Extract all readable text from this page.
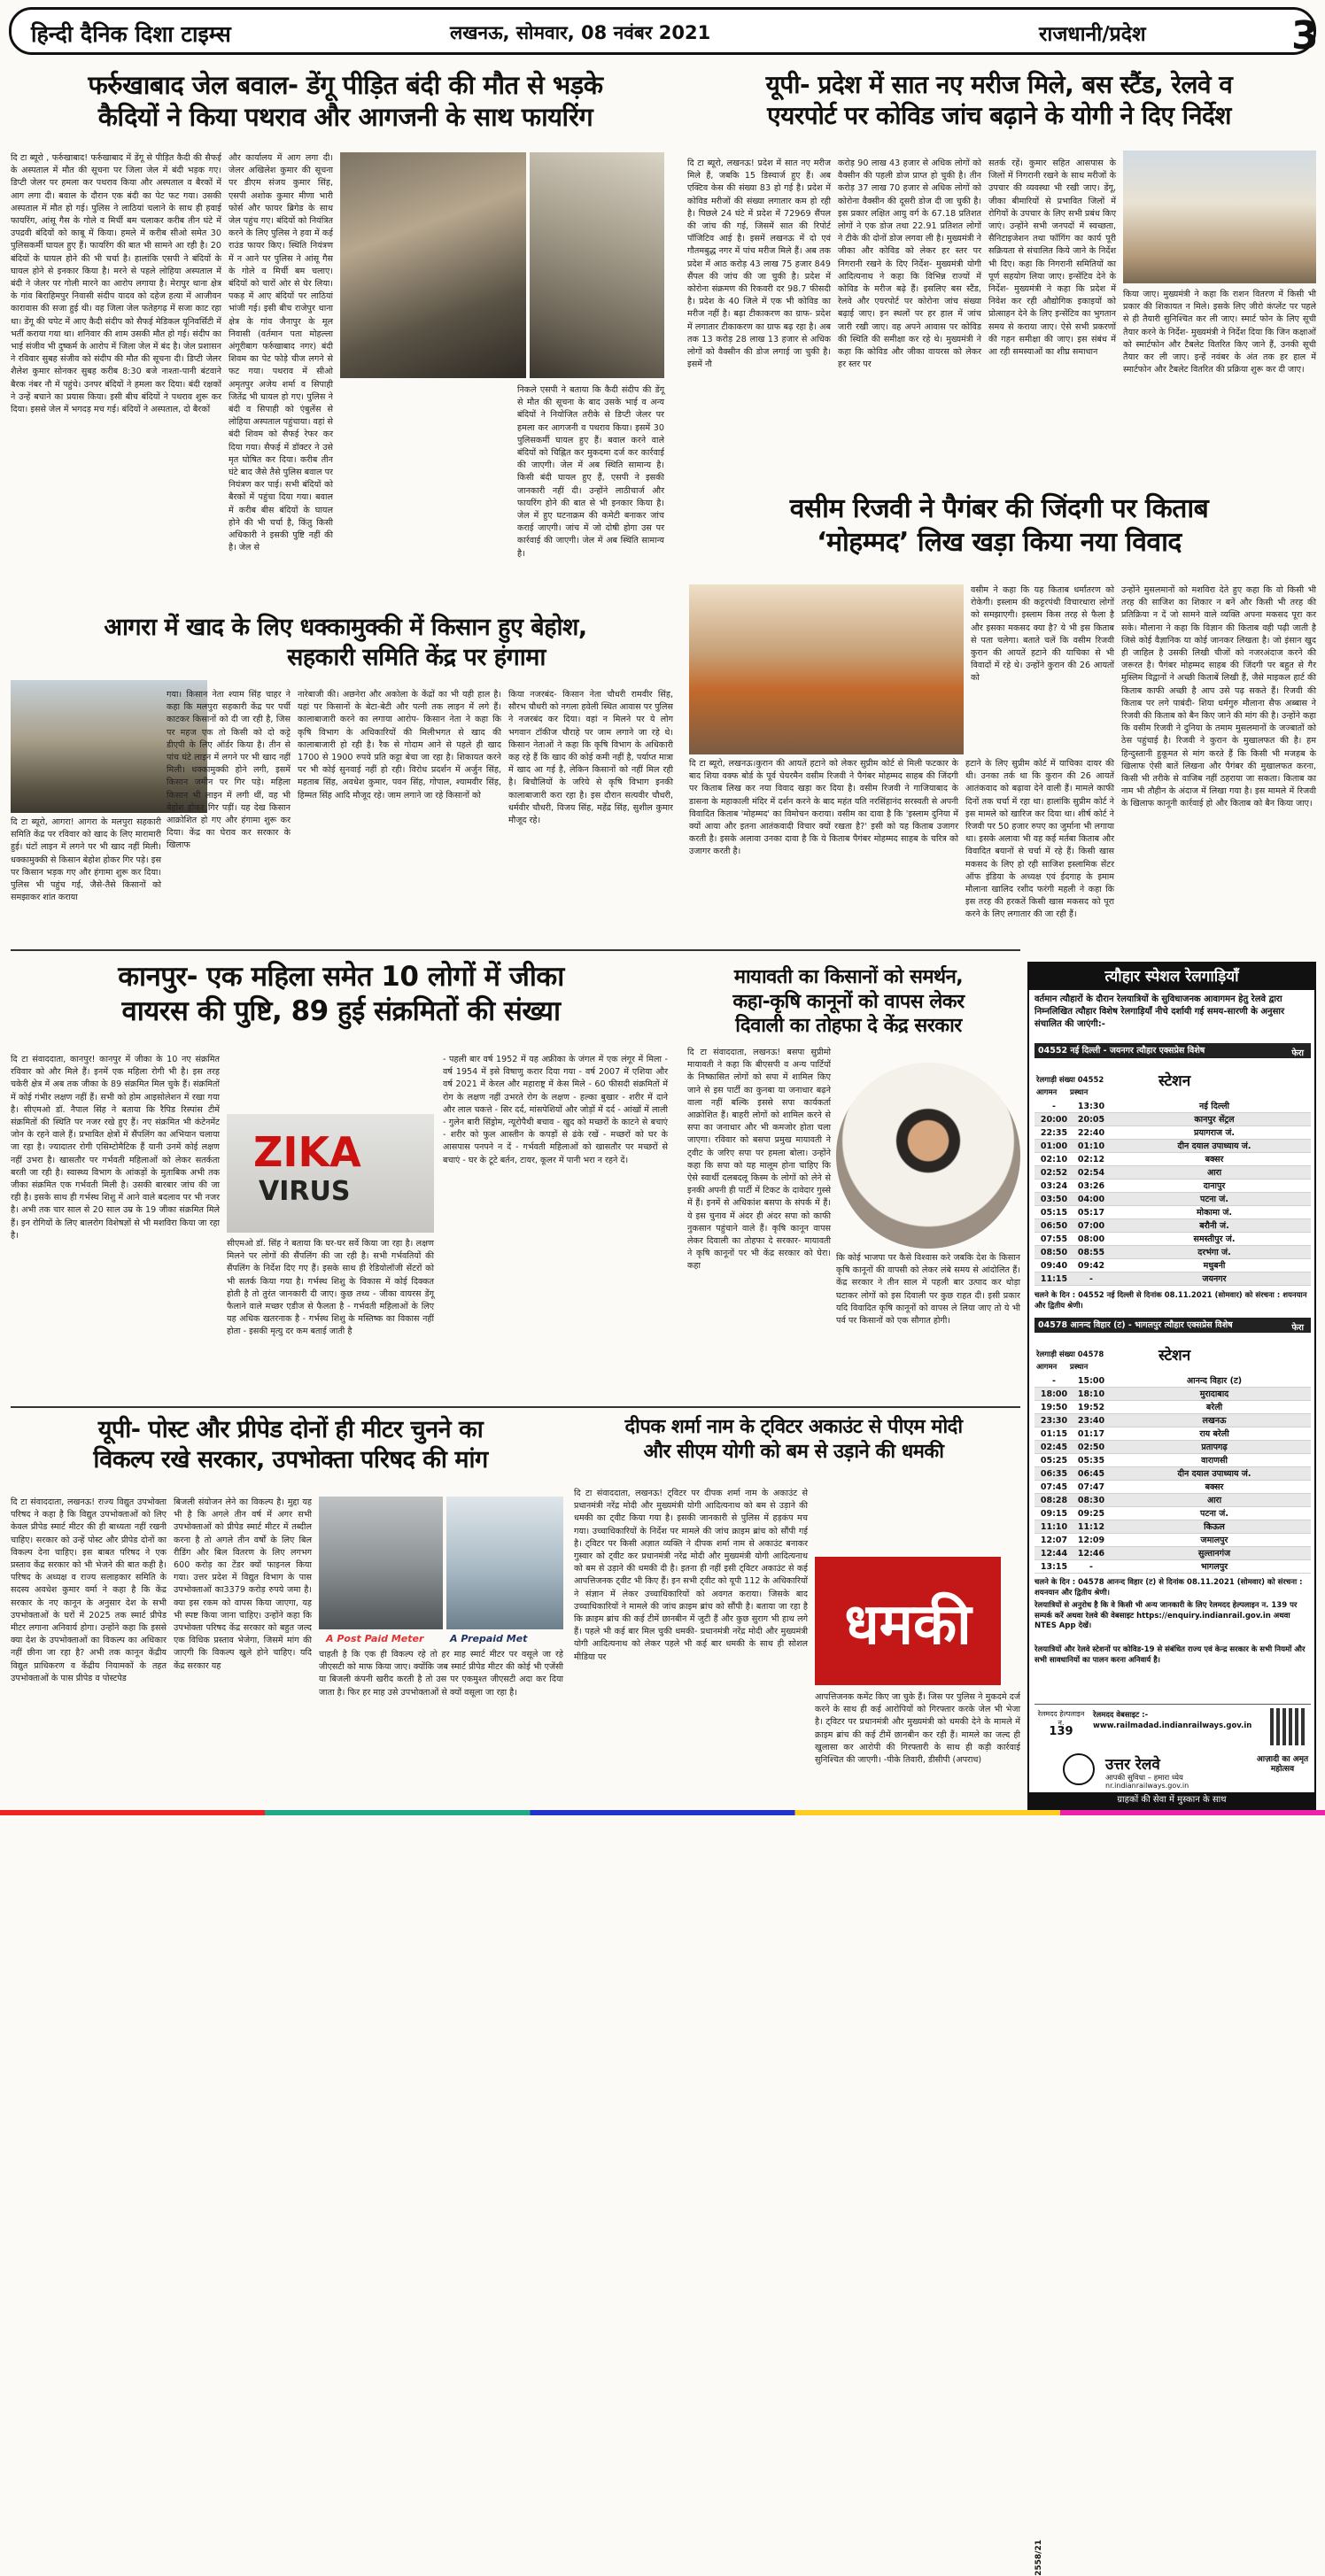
हिन्दी दैनिक दिशा टाइम्स	लखनऊ, सोमवार, 08 नवंबर 2021	राजधानी/प्रदेश	3
फर्रुखाबाद जेल बवाल- डेंगू पीड़ित बंदी की मौत से भड़के
कैदियों ने किया पथराव और आगजनी के साथ फायरिंग
दि टा ब्यूरो , फर्रुखाबाद! फर्रुखाबाद में डेंगू से पीड़ित कैदी की सैफई के अस्पताल में मौत की सूचना पर जिला जेल में बंदी भड़क गए। डिप्टी जेलर पर हमला कर पथराव किया और अस्पताल व बैरकों में आग लगा दी। बवाल के दौरान एक बंदी का पेट फट गया। उसकी अस्पताल में मौत हो गई। पुलिस ने लाठियां चलाने के साथ ही हवाई फायरिंग, आंसू गैस के गोले व मिर्ची बम चलाकर करीब तीन घंटे में उपद्रवी बंदियों को काबू में किया। हमले में करीब सीओ समेत 30 पुलिसकर्मी घायल हुए हैं। फायरिंग की बात भी सामने आ रही है। 20 बंदियों के घायल होने की भी चर्चा है। हालांकि एसपी ने बंदियों के घायल होने से इनकार किया है। मरने से पहले लोहिया अस्पताल में बंदी ने जेलर पर गोली मारने का आरोप लगाया है। मेरापुर थाना क्षेत्र के गांव बिराहिमपुर निवासी संदीप यादव को दहेज हत्या में आजीवन कारावास की सजा हुई थी। वह जिला जेल फतेहगढ़ में सजा काट रहा था। डेंगू की चपेट में आए कैदी संदीप को सैफई मेडिकल यूनिवर्सिटी में भर्ती कराया गया था। शनिवार की शाम उसकी मौत हो गई। संदीप का भाई संजीव भी दुष्कर्म के आरोप में जिला जेल में बंद है। जेल प्रशासन ने रविवार सुबह संजीव को संदीप की मौत की सूचना दी। डिप्टी जेलर शैलेश कुमार सोनकर सुबह करीब 8:30 बजे नाश्ता-पानी बंटवाने बैरक नंबर नौ में पहुंचे। उनपर बंदियों ने हमला कर दिया। बंदी रक्षकों ने उन्हें बचाने का प्रयास किया। इसी बीच बंदियों ने पथराव शुरू कर दिया। इससे जेल में भगदड़ मच गई। बंदियों ने अस्पताल, दो बैरकों
और कार्यालय में आग लगा दी। जेलर अखिलेश कुमार की सूचना पर डीएम संजय कुमार सिंह, एसपी अशोक कुमार मीणा भारी फोर्स और फायर ब्रिगेड के साथ जेल पहुंच गए। बंदियों को नियंत्रित करने के लिए पुलिस ने हवा में कई राउंड फायर किए। स्थिति नियंत्रण में न आने पर पुलिस ने आंसू गैस के गोले व मिर्ची बम चलाए। बंदियों को चारों ओर से घेर लिया। पकड़ में आए बंदियों पर लाठियां भांजी गई। इसी बीच राजेपुर थाना क्षेत्र के गांव जैनापुर के मूल निवासी (वर्तमान पता मोहल्ला अंगूरीबाग फर्रुखाबाद नगर) बंदी शिवम का पेट फोड़े चीज लगने से फट गया। पथराव में सीओ अमृतपुर अजेय शर्मा व सिपाही जितेंद्र भी घायल हो गए। पुलिस ने बंदी व सिपाही को एंबुलेंस से लोहिया अस्पताल पहुंचाया। वहां से बंदी शिवम को सैफई रेफर कर दिया गया। सैफई में डॉक्टर ने उसे मृत घोषित कर दिया। करीब तीन घंटे बाद जैसे तैसे पुलिस बवाल पर नियंत्रण कर पाई। सभी बंदियों को बैरकों में पहुंचा दिया गया। बवाल में करीब बीस बंदियों के घायल होने की भी चर्चा है, किंतु किसी अधिकारी ने इसकी पुष्टि नहीं की है। जेल से
निकले एसपी ने बताया कि कैदी संदीप की डेंगू से मौत की सूचना के बाद उसके भाई व अन्य बंदियों ने नियोजित तरीके से डिप्टी जेलर पर हमला कर आगजनी व पथराव किया। इसमें 30 पुलिसकर्मी घायल हुए हैं। बवाल करने वाले बंदियों को चिह्नित कर मुकदमा दर्ज कर कार्रवाई की जाएगी। जेल में अब स्थिति सामान्य है। किसी बंदी घायल हुए हैं, एसपी ने इसकी जानकारी नहीं दी। उन्होंने लाठीचार्ज और फायरिंग होने की बात से भी इनकार किया है। जेल में हुए घटनाक्रम की कमेटी बनाकर जांच कराई जाएगी। जांच में जो दोषी होगा उस पर कार्रवाई की जाएगी। जेल में अब स्थिति सामान्य है।
यूपी- प्रदेश में सात नए मरीज मिले, बस स्टैंड, रेलवे व
एयरपोर्ट पर कोविड जांच बढ़ाने के योगी ने दिए निर्देश
दि टा ब्यूरो, लखनऊ! प्रदेश में सात नए मरीज मिले हैं, जबकि 15 डिस्चार्ज हुए हैं। अब एक्टिव केस की संख्या 83 हो गई है। प्रदेश में कोविड मरीजों की संख्या लगातार कम हो रही है। पिछले 24 घंटे में प्रदेश में 72969 सैंपल की जांच की गई, जिसमें सात की रिपोर्ट पॉजिटिव आई है। इसमें लखनऊ में दो एवं गौतमबुद्ध नगर में पांच मरीज मिले हैं। अब तक प्रदेश में आठ करोड़ 43 लाख 75 हजार 849 सैंपल की जांच की जा चुकी है। प्रदेश में कोरोना संक्रमण की रिकवरी दर 98.7 फीसदी है। प्रदेश के 40 जिले में एक भी कोविड का मरीज नहीं है। बढ़ा टीकाकरण का ग्राफ- प्रदेश में लगातार टीकाकरण का ग्राफ बढ़ रहा है। अब तक 13 करोड़ 28 लाख 13 हजार से अधिक लोगों को वैक्सीन की डोज लगाई जा चुकी है। इसमें नौ
करोड़ 90 लाख 43 हजार से अधिक लोगों को वैक्सीन की पहली डोज प्राप्त हो चुकी है। तीन करोड़ 37 लाख 70 हजार से अधिक लोगों को कोरोना वैक्सीन की दूसरी डोज दी जा चुकी है। इस प्रकार लक्षित आयु वर्ग के 67.18 प्रतिशत लोगों ने एक डोज तथा 22.91 प्रतिशत लोगों ने टीके की दोनों डोज लगवा ली है। मुख्यमंत्री ने जीका और कोविड को लेकर हर स्तर पर निगरानी रखने के दिए निर्देश- मुख्यमंत्री योगी आदित्यनाथ ने कहा कि विभिन्न राज्यों में कोविड के मरीज बढ़े हैं। इसलिए बस स्टैंड, रेलवे और एयरपोर्ट पर कोरोना जांच संख्या बढ़ाई जाए। इन स्थलों पर हर हाल में जांच जारी रखी जाए। वह अपने आवास पर कोविड की स्थिति की समीक्षा कर रहे थे। मुख्यमंत्री ने कहा कि कोविड और जीका वायरस को लेकर हर स्तर पर
सतर्क रहें। कुमार सहित आसपास के जिलों में निगरानी रखने के साथ मरीजों के उपचार की व्यवस्था भी रखी जाए। डेंगू, जीका बीमारियों से प्रभावित जिलों में रोगियों के उपचार के लिए सभी प्रबंध किए जाएं। उन्होंने सभी जनपदों में स्वच्छता, सैनिटाइजेशन तथा फॉगिंग का कार्य पूरी सक्रियता से संचालित किये जाने के निर्देश भी दिए। कहा कि निगरानी समितियों का पूर्ण सहयोग लिया जाए। इन्सेंटिव देने के निर्देश- मुख्यमंत्री ने कहा कि प्रदेश में निवेश कर रही औद्योगिक इकाइयों को प्रोत्साहन देने के लिए इन्सेंटिव का भुगतान समय से कराया जाए। ऐसे सभी प्रकरणों की गहन समीक्षा की जाए। इस संबंध में आ रही समस्याओं का शीघ्र समाधान
किया जाए। मुख्यमंत्री ने कहा कि राशन वितरण में किसी भी प्रकार की शिकायत न मिले। इसके लिए जीरो कंप्लेंट पर पहले से ही तैयारी सुनिश्चित कर ली जाए। स्मार्ट फोन के लिए सूची तैयार करने के निर्देश- मुख्यमंत्री ने निर्देश दिया कि जिन कक्षाओं को स्मार्टफोन और टैबलेट वितरित किए जाने हैं, उनकी सूची तैयार कर ली जाए। इन्हें नवंबर के अंत तक हर हाल में स्मार्टफोन और टैबलेट वितरित की प्रक्रिया शुरू कर दी जाए।
वसीम रिजवी ने पैगंबर की जिंदगी पर किताब
‘मोहम्मद’ लिख खड़ा किया नया विवाद
वसीम ने कहा कि यह किताब धर्मांतरण को रोकेगी। इस्लाम की कट्टरपंथी विचारधारा लोगों को समझाएगी। इस्लाम किस तरह से फैला है और इसका मकसद क्या है? ये भी इस किताब से पता चलेगा। बताते चलें कि वसीम रिजवी कुरान की आयतें हटाने की याचिका से भी विवादों में रहे थे। उन्होंने कुरान की 26 आयतों को
दि टा ब्यूरो, लखनऊ।कुरान की आयतें हटाने को लेकर सुप्रीम कोर्ट से मिली फटकार के बाद शिया वक्फ बोर्ड के पूर्व चेयरमैन वसीम रिजवी ने पैगंबर मोहम्मद साहब की जिंदगी पर किताब लिख कर नया विवाद खड़ा कर दिया है। वसीम रिजवी ने गाजियाबाद के डासना के महाकाली मंदिर में दर्शन करने के बाद महंत यति नरसिंहानंद सरस्वती से अपनी विवादित किताब 'मोहम्मद' का विमोचन कराया। वसीम का दावा है कि 'इस्लाम दुनिया में क्यों आया और इतना आतंकवादी विचार क्यों रखता है?' इसी को यह किताब उजागर करती है। इसके अलावा उनका दावा है कि ये किताब पैगंबर मोहम्मद साहब के चरित्र को उजागर करती है।
हटाने के लिए सुप्रीम कोर्ट में याचिका दायर की थी। उनका तर्क था कि कुरान की 26 आयतें आतंकवाद को बढ़ावा देने वाली हैं। मामले काफी दिनों तक चर्चा में रहा था। हालांकि सुप्रीम कोर्ट ने इस मामले को खारिज कर दिया था। शीर्ष कोर्ट ने रिजवी पर 50 हजार रुपए का जुर्माना भी लगाया था। इसके अलावा भी वह कई मर्तबा किताब और विवादित बयानों से चर्चा में रहे हैं। किसी खास मकसद के लिए हो रही साजिश इस्लामिक सेंटर ऑफ इंडिया के अध्यक्ष एवं ईदगाह के इमाम मौलाना खालिद रशीद फरंगी महली ने कहा कि इस तरह की हरकतें किसी खास मकसद को पूरा करने के लिए लगातार की जा रही हैं।
उन्होंने मुसलमानों को मशविरा देते हुए कहा कि वो किसी भी तरह की साजिश का शिकार न बनें और किसी भी तरह की प्रतिक्रिया न दें जो सामने वाले व्यक्ति अपना मकसद पूरा कर सके। मौलाना ने कहा कि विज्ञान की किताब वही पढ़ी जाती है जिसे कोई वैज्ञानिक या कोई जानकर लिखता है। जो इंसान खुद ही जाहिल है उसकी लिखी चीजों को नजरअंदाज करने की जरूरत है। पैगंबर मोहम्मद साहब की जिंदगी पर बहुत से गैर मुस्लिम विद्वानों ने अच्छी किताबें लिखी हैं, जैसे माइकल हार्ट की किताब काफी अच्छी है आप उसे पढ़ सकते हैं। रिजवी की किताब पर लगे पाबंदी- शिया धर्मगुरु मौलाना सैफ अब्बास ने रिजवी की किताब को बैन किए जाने की मांग की है। उन्होंने कहा कि वसीम रिजवी ने दुनिया के तमाम मुसलमानों के जज्बातों को ठेस पहुंचाई है। रिजवी ने कुरान के मुखालफत की है। हम हिन्दुस्तानी हुकूमत से मांग करते हैं कि किसी भी मजहब के खिलाफ ऐसी बातें लिखना और पैगंबर की मुखालफत करना, किसी भी तरीके से वाजिब नहीं ठहराया जा सकता। किताब का नाम भी तौहीन के अंदाज में लिखा गया है। इस मामले में रिजवी के खिलाफ कानूनी कार्रवाई हो और किताब को बैन किया जाए।
आगरा में खाद के लिए धक्कामुक्की में किसान हुए बेहोश,
सहकारी समिति केंद्र पर हंगामा
दि टा ब्यूरो, आगरा! आगरा के मलपुरा सहकारी समिति केंद्र पर रविवार को खाद के लिए मारामारी हुई। घंटों लाइन में लगने पर भी खाद नहीं मिली। धक्कामुक्की से किसान बेहोश होकर गिर पड़े। इस पर किसान भड़क गए और हंगामा शुरू कर दिया। पुलिस भी पहुंच गई, जैसे-तैसे किसानों को समझाकर शांत कराया
गया। किसान नेता श्याम सिंह चाहर ने कहा कि मलपुरा सहकारी केंद्र पर पर्ची काटकर किसानों को दी जा रही है, जिस पर महज एक तो किसी को दो कट्टे डीएपी के लिए ऑर्डर किया है। तीन से पांच घंटे लाइन में लगने पर भी खाद नहीं मिली। धक्कामुक्की होने लगी, इसमें किसान जमीन पर गिर पड़े। महिला किसान भी लाइन में लगी थीं, वह भी बेहोश होकर गिर पड़ीं। यह देख किसान आक्रोशित हो गए और हंगामा शुरू कर दिया। केंद्र का घेराव कर सरकार के खिलाफ
नारेबाजी की। अछनेरा और अकोला के केंद्रों का भी यही हाल है। यहां पर किसानों के बेटा-बेटी और पत्नी तक लाइन में लगे हैं। कालाबाजारी करने का लगाया आरोप- किसान नेता ने कहा कि कृषि विभाग के अधिकारियों की मिलीभगत से खाद की कालाबाजारी हो रही है। रैक से गोदाम आने से पहले ही खाद 1700 से 1900 रुपये प्रति कट्टा बेचा जा रहा है। शिकायत करने पर भी कोई सुनवाई नहीं हो रही। विरोध प्रदर्शन में अर्जुन सिंह, महताब सिंह, अवधेश कुमार, पवन सिंह, गोपाल, श्यामवीर सिंह, हिम्मत सिंह आदि मौजूद रहे। जाम लगाने जा रहे किसानों को
किया नजरबंद- किसान नेता चौधरी रामवीर सिंह, सौरभ चौधरी को नगला हवेली स्थित आवास पर पुलिस ने नजरबंद कर दिया। वहां न मिलने पर ये लोग भगवान टॉकीज चौराहे पर जाम लगाने जा रहे थे। किसान नेताओं ने कहा कि कृषि विभाग के अधिकारी कह रहे हैं कि खाद की कोई कमी नहीं है, पर्याप्त मात्रा में खाद आ गई है, लेकिन किसानों को नहीं मिल रही है। बिचौलियों के जरिये से कृषि विभाग इनकी कालाबाजारी करा रहा है। इस दौरान सत्यवीर चौधरी, धर्मवीर चौधरी, विजय सिंह, महेंद्र सिंह, सुशील कुमार मौजूद रहे।
कानपुर- एक महिला समेत 10 लोगों में जीका
वायरस की पुष्टि, 89 हुई संक्रमितों की संख्या
दि टा संवाददाता, कानपुर! कानपुर में जीका के 10 नए संक्रमित रविवार को और मिले हैं। इनमें एक महिला रोगी भी है। इस तरह चकेरी क्षेत्र में अब तक जीका के 89 संक्रमित मिल चुके हैं। संक्रमितों में कोई गंभीर लक्षण नहीं हैं। सभी को होम आइसोलेशन में रखा गया है। सीएमओ डॉ. नैपाल सिंह ने बताया कि रैपिड रिस्पांस टीमें संक्रमितों की स्थिति पर नजर रखे हुए हैं। नए संक्रमित भी कंटेनमेंट जोन के रहने वाले हैं। प्रभावित क्षेत्रों में सैंपलिंग का अभियान चलाया जा रहा है। ज्यादातर रोगी एसिम्टोमैटिक हैं यानी उनमें कोई लक्षण नहीं उभरा है। खासतौर पर गर्भवती महिलाओं को लेकर सतर्कता बरती जा रही है। स्वास्थ्य विभाग के आंकड़ों के मुताबिक अभी तक जीका संक्रमित एक गर्भवती मिली है। उसकी बारबार जांच की जा रही है। इसके साथ ही गर्भस्थ शिशु में आने वाले बदलाव पर भी नजर है। अभी तक चार साल से 20 साल उम्र के 19 जीका संक्रमित मिले हैं। इन रोगियों के लिए बालरोग विशेषज्ञों से भी मशविरा किया जा रहा है।
ZIKA
VIRUS
सीएमओ डॉ. सिंह ने बताया कि घर-घर सर्वे किया जा रहा है। लक्षण मिलने पर लोगों की सैंपलिंग की जा रही है। सभी गर्भवतियों की सैंपलिंग के निर्देश दिए गए हैं। इसके साथ ही रेडियोलॉजी सेंटरों को भी सतर्क किया गया है। गर्भस्थ शिशु के विकास में कोई दिक्कत होती है तो तुरंत जानकारी दी जाए। कुछ तथ्य - जीका वायरस डेंगू फैलाने वाले मच्छर एडीज से फैलता है - गर्भवती महिलाओं के लिए यह अधिक खतरनाक है - गर्भस्थ शिशु के मस्तिष्क का विकास नहीं होता - इसकी मृत्यु दर कम बताई जाती है
- पहली बार वर्ष 1952 में यह अफ्रीका के जंगल में एक लंगूर में मिला - वर्ष 1954 में इसे विषाणु करार दिया गया - वर्ष 2007 में एशिया और वर्ष 2021 में केरल और महाराष्ट्र में केस मिले - 60 फीसदी संक्रमितों में रोग के लक्षण नहीं उभरते रोग के लक्षण - हल्का बुखार - शरीर में दाने और लाल चकत्ते - सिर दर्द, मांसपेशियों और जोड़ों में दर्द - आंखों में लाली - गुलेन बारी सिंड्रोम, न्यूरोपैथी बचाव - खुद को मच्छरों के काटने से बचाएं - शरीर को फुल आस्तीन के कपड़ों से ढंके रखें - मच्छरों को घर के आसपास पनपने न दें - गर्भवती महिलाओं को खासतौर पर मच्छरों से बचाएं - घर के टूटे बर्तन, टायर, कूलर में पानी भरा न रहने दें।
मायावती का किसानों को समर्थन,
कहा-कृषि कानूनों को वापस लेकर
दिवाली का तोहफा दे केंद्र सरकार
दि टा संवाददाता, लखनऊ! बसपा सुप्रीमो मायावती ने कहा कि बीएसपी व अन्य पार्टियों के निष्कासित लोगों को सपा में शामिल किए जाने से इस पार्टी का कुनबा या जनाधार बढ़ने वाला नहीं बल्कि इससे सपा कार्यकर्ता आक्रोशित हैं। बाहरी लोगों को शामिल करने से सपा का जनाधार और भी कमजोर होता चला जाएगा। रविवार को बसपा प्रमुख मायावती ने ट्वीट के जरिए सपा पर हमला बोला। उन्होंने कहा कि सपा को यह मालूम होना चाहिए कि ऐसे स्वार्थी दलबदलू किस्म के लोगों को लेने से इनकी अपनी ही पार्टी में टिकट के दावेदार गुस्से में हैं। इनमें से अधिकांश बसपा के संपर्क में हैं। ये इस चुनाव में अंदर ही अंदर सपा को काफी नुकसान पहुंचाने वाले हैं। कृषि कानून वापस लेकर दिवाली का तोहफा दे सरकार- मायावती ने कृषि कानूनों पर भी केंद्र सरकार को घेरा। कहा
कि कोई भाजपा पर कैसे विश्वास करे जबकि देश के किसान कृषि कानूनों की वापसी को लेकर लंबे समय से आंदोलित हैं। केंद्र सरकार ने तीन साल में पहली बार उत्पाद कर थोड़ा घटाकर लोगों को इस दिवाली पर कुछ राहत दी। इसी प्रकार यदि विवादित कृषि कानूनों को वापस ले लिया जाए तो ये भी पर्व पर किसानों को एक सौगात होगी।
यूपी- पोस्ट और प्रीपेड दोनों ही मीटर चुनने का
विकल्प रखे सरकार, उपभोक्ता परिषद की मांग
दि टा संवाददाता, लखनऊ! राज्य विद्युत उपभोक्ता परिषद ने कहा है कि विद्युत उपभोक्ताओं को लिए केवल प्रीपेड स्मार्ट मीटर की ही बाध्यता नहीं रखनी चाहिए। सरकार को उन्हें पोस्ट और प्रीपेड दोनों का विकल्प देना चाहिए। इस बाबत परिषद ने एक प्रस्ताव केंद्र सरकार को भी भेजने की बात कही है। परिषद के अध्यक्ष व राज्य सलाहकार समिति के सदस्य अवधेश कुमार वर्मा ने कहा है कि केंद्र सरकार के नए कानून के अनुसार देश के सभी उपभोक्ताओं के घरों में 2025 तक स्मार्ट प्रीपेड मीटर लगाना अनिवार्य होगा। उन्होंने कहा कि इससे क्या देश के उपभोक्ताओं का विकल्प का अधिकार नहीं छीना जा रहा है? अभी तक कानून केंद्रीय विद्युत प्राधिकरण व केंद्रीय नियामकों के तहत उपभोक्ताओं के पास प्रीपेड व पोस्टपेड
बिजली संयोजन लेने का विकल्प है। मुद्दा यह भी है कि अगले तीन वर्ष में अगर सभी उपभोक्ताओं को प्रीपेड स्मार्ट मीटर में तब्दील करना है तो अगले तीन वर्षों के लिए बिल रीडिंग और बिल वितरण के लिए लगभग 600 करोड़ का टेंडर क्यों फाइनल किया गया। उत्तर प्रदेश में विद्युत विभाग के पास उपभोक्ताओं का3379 करोड़ रुपये जमा है। क्या इस रकम को वापस किया जाएगा, यह भी स्पष्ट किया जाना चाहिए। उन्होंने कहा कि उपभोक्ता परिषद केंद्र सरकार को बहुत जल्द एक विधिक प्रस्ताव भेजेगा, जिसमें मांग की जाएगी कि विकल्प खुले होने चाहिए। यदि केंद्र सरकार यह
A Post Paid Meter	A Prepaid Met
चाहती है कि एक ही विकल्प रहे तो हर माह स्मार्ट मीटर पर वसूले जा रहे जीएसटी को माफ किया जाए। क्योंकि जब स्मार्ट प्रीपेड मीटर की कोई भी एजेंसी या बिजली कंपनी खरीद करती है तो उस पर एकमुश्त जीएसटी अदा कर दिया जाता है। फिर हर माह उसे उपभोक्ताओं से क्यों वसूला जा रहा है।
दीपक शर्मा नाम के ट्विटर अकाउंट से पीएम मोदी
और सीएम योगी को बम से उड़ाने की धमकी
दि टा संवाददाता, लखनऊ! ट्विटर पर दीपक शर्मा नाम के अकाउंट से प्रधानमंत्री नरेंद्र मोदी और मुख्यमंत्री योगी आदित्यनाथ को बम से उड़ाने की धमकी का ट्वीट किया गया है। इसकी जानकारी से पुलिस में हड़कंप मच गया। उच्चाधिकारियों के निर्देश पर मामले की जांच क्राइम ब्रांच को सौंपी गई है। ट्विटर पर किसी अज्ञात व्यक्ति ने दीपक शर्मा नाम से अकाउंट बनाकर गुस्वार को ट्वीट कर प्रधानमंत्री नरेंद्र मोदी और मुख्यमंत्री योगी आदित्यनाथ को बम से उड़ाने की धमकी दी है। इतना ही नहीं इसी ट्विटर अकाउंट से कई आपत्तिजनक ट्वीट भी किए हैं। इन सभी ट्वीट को यूपी 112 के अधिकारियों ने संज्ञान में लेकर उच्चाधिकारियों को अवगत कराया। जिसके बाद उच्चाधिकारियों ने मामले की जांच क्राइम ब्रांच को सौंपी है। बताया जा रहा है कि क्राइम ब्रांच की कई टीमें छानबीन में जुटी हैं और कुछ सुराग भी हाथ लगे हैं। पहले भी कई बार मिल चुकी धमकी- प्रधानमंत्री नरेंद्र मोदी और मुख्यमंत्री योगी आदित्यनाथ को लेकर पहले भी कई बार धमकी के साथ ही सोशल मीडिया पर	धमकी
आपत्तिजनक कमेंट किए जा चुके हैं। जिस पर पुलिस ने मुकदमे दर्ज करने के साथ ही कई आरोपियों को गिरफ्तार करके जेल भी भेजा है। ट्विटर पर प्रधानमंत्री और मुख्यमंत्री को धमकी देने के मामले में क्राइम ब्रांच की कई टीमें छानबीन कर रही हैं। मामले का जल्द ही खुलासा कर आरोपी की गिरफ्तारी के साथ ही कड़ी कार्रवाई सुनिश्चित की जाएगी। -पीके तिवारी, डीसीपी (अपराध)
त्यौहार स्पेशल रेलगाड़ियाँ
वर्तमान त्यौहारों के दौरान रेलयात्रियों के सुविधाजनक आवागमन हेतु रेलवे द्वारा निम्नलिखित त्यौहार विशेष रेलगाड़ियाँ नीचे दर्शायी गई समय-सारणी के अनुसार संचालित की जाएंगी:-
04552 नई दिल्ली - जयनगर त्यौहार एक्सप्रेस विशेष	फेरा
रेलगाड़ी संख्या 04552	स्टेशन
आगमन प्रस्थान
-	13:30	नई दिल्ली
20:00	20:05	कानपुर सेंट्रल
22:35	22:40	प्रयागराज जं.
01:00	01:10	दीन दयाल उपाध्याय जं.
02:10	02:12	बक्सर
02:52	02:54	आरा
03:24	03:26	दानापुर
03:50	04:00	पटना जं.
05:15	05:17	मोकामा जं.
06:50	07:00	बरौनी जं.
07:55	08:00	समस्तीपुर जं.
08:50	08:55	दरभंगा जं.
09:40	09:42	मधुबनी
11:15	-	जयनगर
चलने के दिन : 04552 नई दिल्ली से दिनांक 08.11.2021 (सोमवार) को संरचना : शयनयान और द्वितीय श्रेणी।
04578 आनन्द विहार (ट) - भागलपुर त्यौहार एक्सप्रेस विशेष	फेरा
रेलगाड़ी संख्या 04578	स्टेशन
आगमन प्रस्थान
-	15:00	आनन्द विहार (ट)
18:00	18:10	मुरादाबाद
19:50	19:52	बरेली
23:30	23:40	लखनऊ
01:15	01:17	राय बरेली
02:45	02:50	प्रतापगढ़
05:25	05:35	वाराणसी
06:35	06:45	दीन दयाल उपाध्याय जं.
07:45	07:47	बक्सर
08:28	08:30	आरा
09:15	09:25	पटना जं.
11:10	11:12	किऊल
12:07	12:09	जमालपुर
12:44	12:46	सुल्तानगंज
13:15	-	भागलपुर
चलने के दिन : 04578 आनन्द विहार (ट) से दिनांक 08.11.2021 (सोमवार) को संरचना : शयनयान और द्वितीय श्रेणी।
रेलयात्रियों से अनुरोध है कि वे किसी भी अन्य जानकारी के लिए रेलमदद हेल्पलाइन न. 139 पर सम्पर्क करें अथवा रेलवे की वेबसाइट https://enquiry.indianrail.gov.in अथवा NTES App देखें।
रेलयात्रियों और रेलवे स्टेशनों पर कोविड-19 से संबंधित राज्य एवं केन्द्र सरकार के सभी नियमों और सभी सावधानियों का पालन करना अनिवार्य है।
रेलमदद हेल्पलाइन न.
139
रेलमदद वेबसाइट :-
www.railmadad.indianrailways.gov.in
2558/21
उत्तर रेलवे
आपकी सुविधा – हमारा ध्येय
nr.indianrailways.gov.in
आज़ादी का अमृत महोत्सव
ग्राहकों की सेवा में मुस्कान के साथ
